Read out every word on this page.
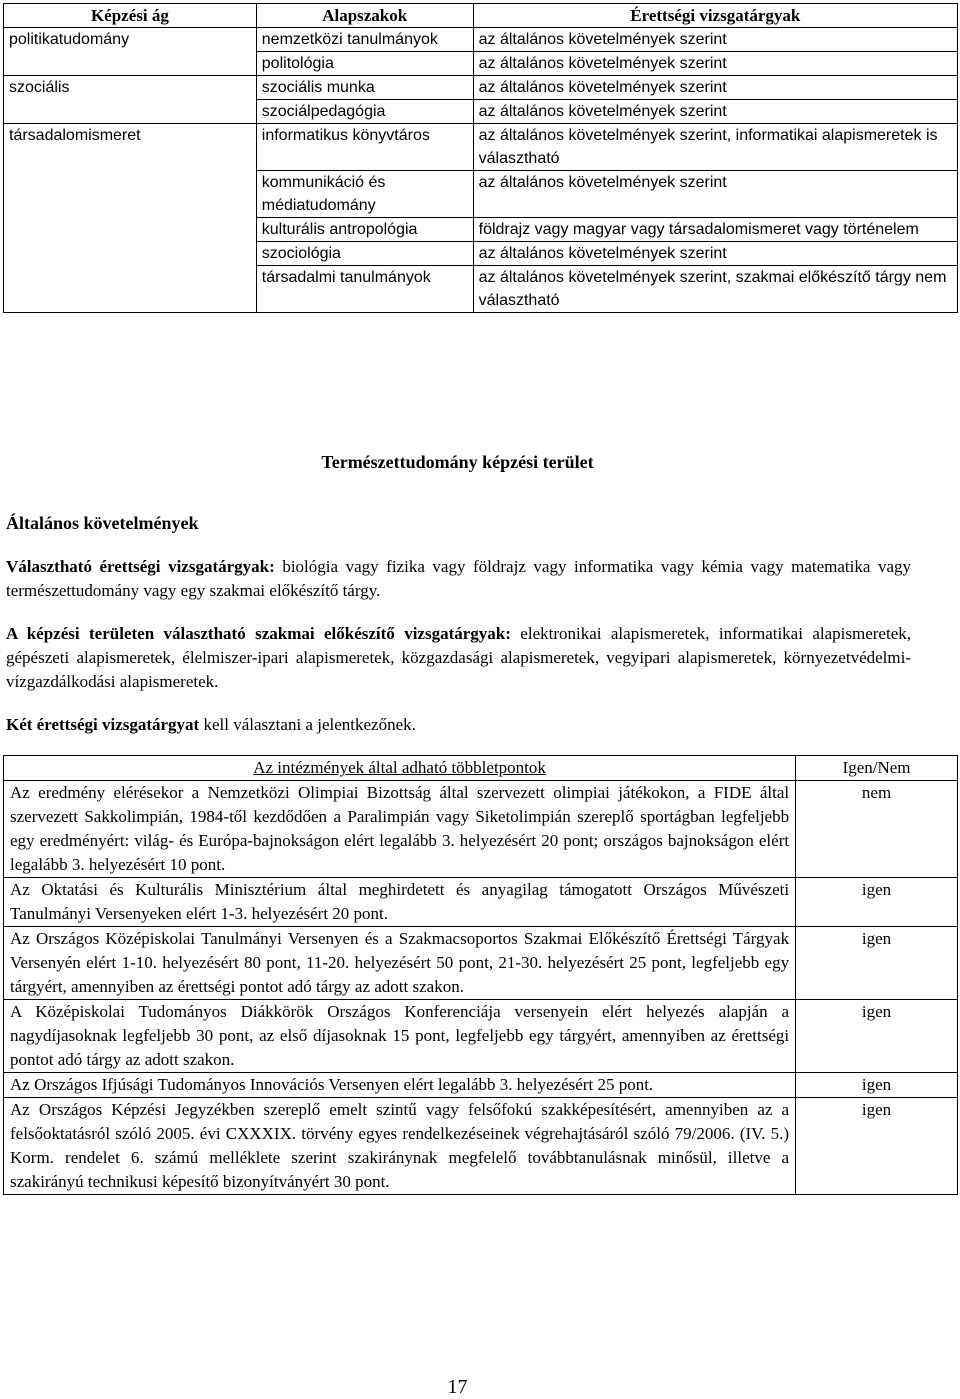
Képzési ág	Alapszakok	Érettségi vizsgatárgyak
politikatudomány	nemzetközi tanulmányok	az általános követelmények szerint
	politológia	az általános követelmények szerint
szociális	szociális munka	az általános követelmények szerint
	szociálpedagógia	az általános követelmények szerint
társadalomismeret	informatikus könyvtáros	az általános követelmények szerint, informatikai alapismeretek is választható
	kommunikáció és médiatudomány	az általános követelmények szerint
	kulturális antropológia	földrajz vagy magyar vagy társadalomismeret vagy történelem
	szociológia	az általános követelmények szerint
	társadalmi tanulmányok	az általános követelmények szerint, szakmai előkészítő tárgy nem választható
Természettudomány képzési terület
Általános követelmények
Választható érettségi vizsgatárgyak: biológia vagy fizika vagy földrajz vagy informatika vagy kémia vagy matematika vagy természettudomány vagy egy szakmai előkészítő tárgy.
A képzési területen választható szakmai előkészítő vizsgatárgyak: elektronikai alapismeretek, informatikai alapismeretek, gépészeti alapismeretek, élelmiszer-ipari alapismeretek, közgazdasági alapismeretek, vegyipari alapismeretek, környezetvédelmi-vízgazdálkodási alapismeretek.
Két érettségi vizsgatárgyat kell választani a jelentkezőnek.
Az intézmények által adható többletpontok	Igen/Nem
Az eredmény elérésekor a Nemzetközi Olimpiai Bizottság által szervezett olimpiai játékokon, a FIDE által szervezett Sakkolimpián, 1984-től kezdődően a Paralimpián vagy Siketolimpián szereplő sportágban legfeljebb egy eredményért: világ- és Európa-bajnokságon elért legalább 3. helyezésért 20 pont; országos bajnokságon elért legalább 3. helyezésért 10 pont.	nem
Az Oktatási és Kulturális Minisztérium által meghirdetett és anyagilag támogatott Országos Művészeti Tanulmányi Versenyeken elért 1-3. helyezésért 20 pont.	igen
Az Országos Középiskolai Tanulmányi Versenyen és a Szakmacsoportos Szakmai Előkészítő Érettségi Tárgyak Versenyén elért 1-10. helyezésért 80 pont, 11-20. helyezésért 50 pont, 21-30. helyezésért 25 pont, legfeljebb egy tárgyért, amennyiben az érettségi pontot adó tárgy az adott szakon.	igen
A Középiskolai Tudományos Diákkörök Országos Konferenciája versenyein elért helyezés alapján a nagydíjasoknak legfeljebb 30 pont, az első díjasoknak 15 pont, legfeljebb egy tárgyért, amennyiben az érettségi pontot adó tárgy az adott szakon.	igen
Az Országos Ifjúsági Tudományos Innovációs Versenyen elért legalább 3. helyezésért 25 pont.	igen
Az Országos Képzési Jegyzékben szereplő emelt szintű vagy felsőfokú szakképesítésért, amennyiben az a felsőoktatásról szóló 2005. évi CXXXIX. törvény egyes rendelkezéseinek végrehajtásáról szóló 79/2006. (IV. 5.) Korm. rendelet 6. számú melléklete szerint szakiránynak megfelelő továbbtanulásnak minősül, illetve a szakirányú technikusi képesítő bizonyítványért 30 pont.	igen
17
